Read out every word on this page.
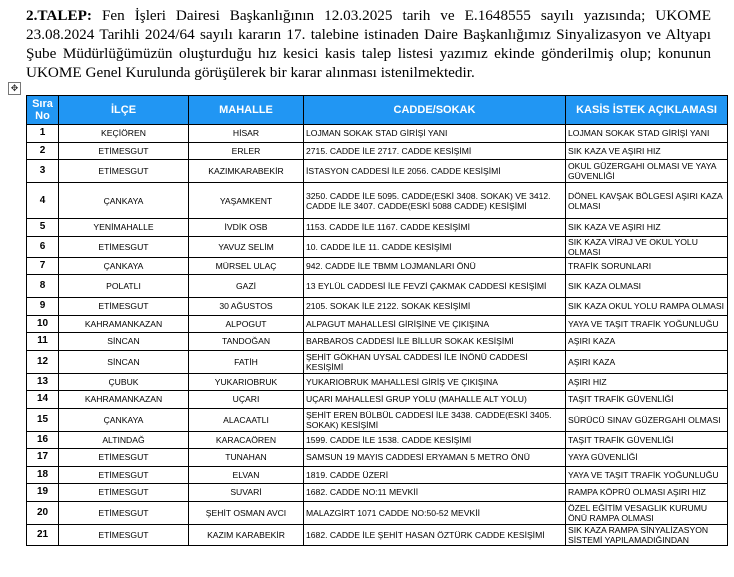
2.TALEP: Fen İşleri Dairesi Başkanlığının 12.03.2025 tarih ve E.1648555 sayılı yazısında; UKOME 23.08.2024 Tarihli 2024/64 sayılı kararın 17. talebine istinaden Daire Başkanlığımız Sinyalizasyon ve Altyapı Şube Müdürlüğümüzün oluşturduğu hız kesici kasis talep listesi yazımız ekinde gönderilmiş olup; konunun UKOME Genel Kurulunda görüşülerek bir karar alınması istenilmektedir.
✥
Sıra No	İLÇE	MAHALLE	CADDE/SOKAK	KASİS İSTEK AÇIKLAMASI
1	KEÇİÖREN	HİSAR	LOJMAN SOKAK STAD GİRİŞİ YANI	LOJMAN SOKAK STAD GİRİŞİ YANI
2	ETİMESGUT	ERLER	2715. CADDE İLE 2717. CADDE KESİŞİMİ	SIK KAZA VE AŞIRI HIZ
3	ETİMESGUT	KAZIMKARABEKİR	İSTASYON CADDESİ İLE 2056. CADDE KESİŞİMİ	OKUL GÜZERGAHI OLMASI VE YAYA GÜVENLİĞİ
4	ÇANKAYA	YAŞAMKENT	3250. CADDE İLE 5095. CADDE(ESKİ 3408. SOKAK) VE 3412. CADDE İLE 3407. CADDE(ESKİ 5088 CADDE) KESİŞİMİ	DÖNEL KAVŞAK BÖLGESİ AŞIRI KAZA OLMASI
5	YENİMAHALLE	İVDİK OSB	1153. CADDE İLE 1167. CADDE KESİŞİMİ	SIK KAZA VE AŞIRI HIZ
6	ETİMESGUT	YAVUZ SELİM	10. CADDE İLE 11. CADDE KESİŞİMİ	SIK KAZA VİRAJ VE OKUL YOLU OLMASI
7	ÇANKAYA	MÜRSEL ULAÇ	942. CADDE İLE TBMM LOJMANLARI ÖNÜ	TRAFİK SORUNLARI
8	POLATLI	GAZİ	13 EYLÜL CADDESİ İLE FEVZİ ÇAKMAK CADDESİ KESİŞİMİ	SIK KAZA OLMASI
9	ETİMESGUT	30 AĞUSTOS	2105. SOKAK İLE 2122. SOKAK KESİŞİMİ	SIK KAZA OKUL YOLU RAMPA OLMASI
10	KAHRAMANKAZAN	ALPOGUT	ALPAGUT MAHALLESİ GİRİŞİNE VE ÇIKIŞINA	YAYA VE TAŞIT TRAFİK YOĞUNLUĞU
11	SİNCAN	TANDOĞAN	BARBAROS CADDESİ İLE BİLLUR SOKAK KESİŞİMİ	AŞIRI KAZA
12	SİNCAN	FATİH	ŞEHİT GÖKHAN UYSAL CADDESİ İLE İNÖNÜ CADDESİ KESİŞİMİ	AŞIRI KAZA
13	ÇUBUK	YUKARIOBRUK	YUKARIOBRUK MAHALLESİ GİRİŞ VE ÇIKIŞINA	AŞIRI HIZ
14	KAHRAMANKAZAN	UÇARI	UÇARI MAHALLESİ GRUP YOLU (MAHALLE ALT YOLU)	TAŞIT TRAFİK GÜVENLİĞİ
15	ÇANKAYA	ALACAATLI	ŞEHİT EREN BÜLBÜL CADDESİ İLE 3438. CADDE(ESKİ 3405. SOKAK) KESİŞİMİ	SÜRÜCÜ SINAV GÜZERGAHI OLMASI
16	ALTINDAĞ	KARACAÖREN	1599. CADDE İLE 1538. CADDE KESİŞİMİ	TAŞIT TRAFİK GÜVENLİĞİ
17	ETİMESGUT	TUNAHAN	SAMSUN 19 MAYIS CADDESİ ERYAMAN 5 METRO ÖNÜ	YAYA GÜVENLİĞİ
18	ETİMESGUT	ELVAN	1819. CADDE ÜZERİ	YAYA VE TAŞIT TRAFİK YOĞUNLUĞU
19	ETİMESGUT	SUVARİ	1682. CADDE NO:11 MEVKİİ	RAMPA KÖPRÜ OLMASI AŞIRI HIZ
20	ETİMESGUT	ŞEHİT OSMAN AVCI	MALAZGİRT 1071 CADDE NO:50-52 MEVKİİ	ÖZEL EĞİTİM VESAGLIK KURUMU ÖNÜ RAMPA OLMASI
21	ETİMESGUT	KAZIM KARABEKİR	1682. CADDE İLE ŞEHİT HASAN ÖZTÜRK CADDE KESİŞİMİ	SIK KAZA RAMPA SİNYALİZASYON SİSTEMİ YAPILAMADIĞINDAN
